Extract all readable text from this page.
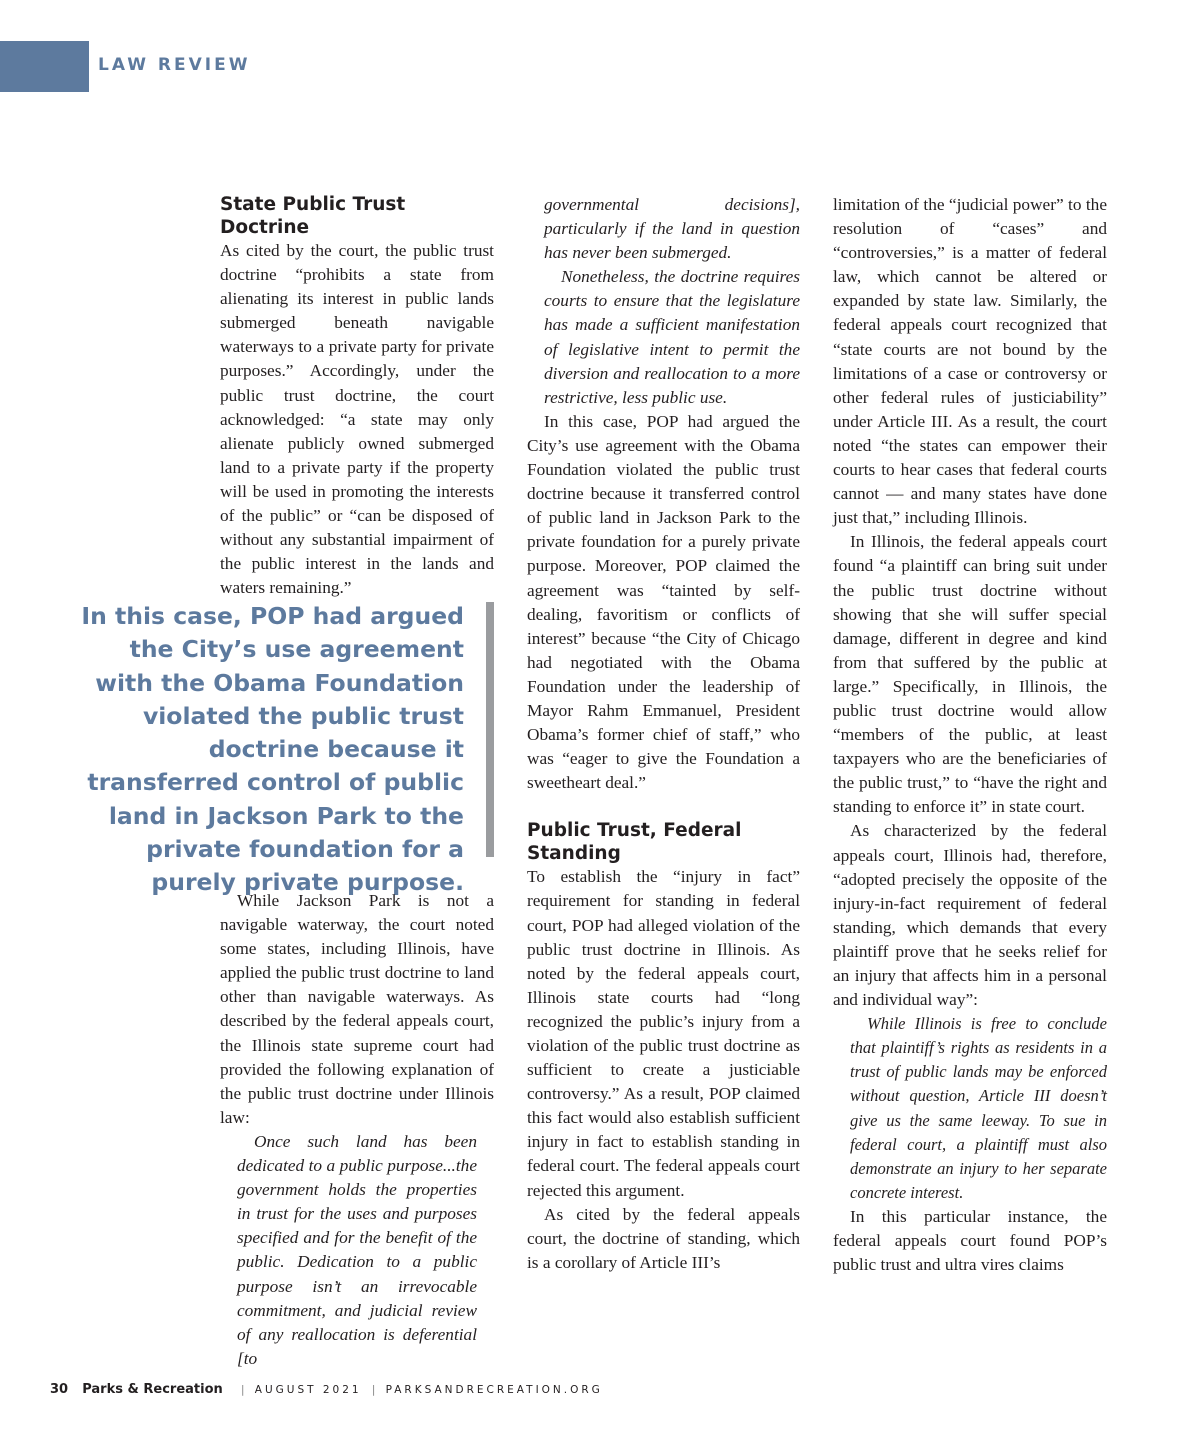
LAW REVIEW
State Public Trust Doctrine

As cited by the court, the public trust doctrine “prohibits a state from alienating its interest in public lands submerged beneath navigable waterways to a private party for private purposes.” Accordingly, under the public trust doctrine, the court acknowledged: “a state may only alienate publicly owned submerged land to a private party if the property will be used in promoting the interests of the public” or “can be disposed of without any substantial impairment of the public interest in the lands and waters remaining.”

In this case, POP had argued the City’s use agreement with the Obama Foundation violated the public trust doctrine because it transferred control of public land in Jackson Park to the private foundation for a purely private purpose.

While Jackson Park is not a navigable waterway, the court noted some states, including Illinois, have applied the public trust doctrine to land other than navigable waterways. As described by the federal appeals court, the Illinois state supreme court had provided the following explanation of the public trust doctrine under Illinois law:

Once such land has been dedicated to a public purpose...the government holds the properties in trust for the uses and purposes specified and for the benefit of the public. Dedication to a public purpose isn’t an irrevocable commitment, and judicial review of any reallocation is deferential [to

governmental decisions], particularly if the land in question has never been submerged.

Nonetheless, the doctrine requires courts to ensure that the legislature has made a sufficient manifestation of legislative intent to permit the diversion and reallocation to a more restrictive, less public use.

In this case, POP had argued the City’s use agreement with the Obama Foundation violated the public trust doctrine because it transferred control of public land in Jackson Park to the private foundation for a purely private purpose. Moreover, POP claimed the agreement was “tainted by self-dealing, favoritism or conflicts of interest” because “the City of Chicago had negotiated with the Obama Foundation under the leadership of Mayor Rahm Emmanuel, President Obama’s former chief of staff,” who was “eager to give the Foundation a sweetheart deal.”

Public Trust, Federal Standing

To establish the “injury in fact” requirement for standing in federal court, POP had alleged violation of the public trust doctrine in Illinois. As noted by the federal appeals court, Illinois state courts had “long recognized the public’s injury from a violation of the public trust doctrine as sufficient to create a justiciable controversy.” As a result, POP claimed this fact would also establish sufficient injury in fact to establish standing in federal court. The federal appeals court rejected this argument.

As cited by the federal appeals court, the doctrine of standing, which is a corollary of Article III’s

limitation of the “judicial power” to the resolution of “cases” and “controversies,” is a matter of federal law, which cannot be altered or expanded by state law. Similarly, the federal appeals court recognized that “state courts are not bound by the limitations of a case or controversy or other federal rules of justiciability” under Article III. As a result, the court noted “the states can empower their courts to hear cases that federal courts cannot — and many states have done just that,” including Illinois.

In Illinois, the federal appeals court found “a plaintiff can bring suit under the public trust doctrine without showing that she will suffer special damage, different in degree and kind from that suffered by the public at large.” Specifically, in Illinois, the public trust doctrine would allow “members of the public, at least taxpayers who are the beneficiaries of the public trust,” to “have the right and standing to enforce it” in state court.

As characterized by the federal appeals court, Illinois had, therefore, “adopted precisely the opposite of the injury-in-fact requirement of federal standing, which demands that every plaintiff prove that he seeks relief for an injury that affects him in a personal and individual way”:

While Illinois is free to conclude that plaintiff’s rights as residents in a trust of public lands may be enforced without question, Article III doesn’t give us the same leeway. To sue in federal court, a plaintiff must also demonstrate an injury to her separate concrete interest.

In this particular instance, the federal appeals court found POP’s public trust and ultra vires claims

30 Parks & Recreation | AUGUST 2021 | PARKSANDRECREATION.ORG
